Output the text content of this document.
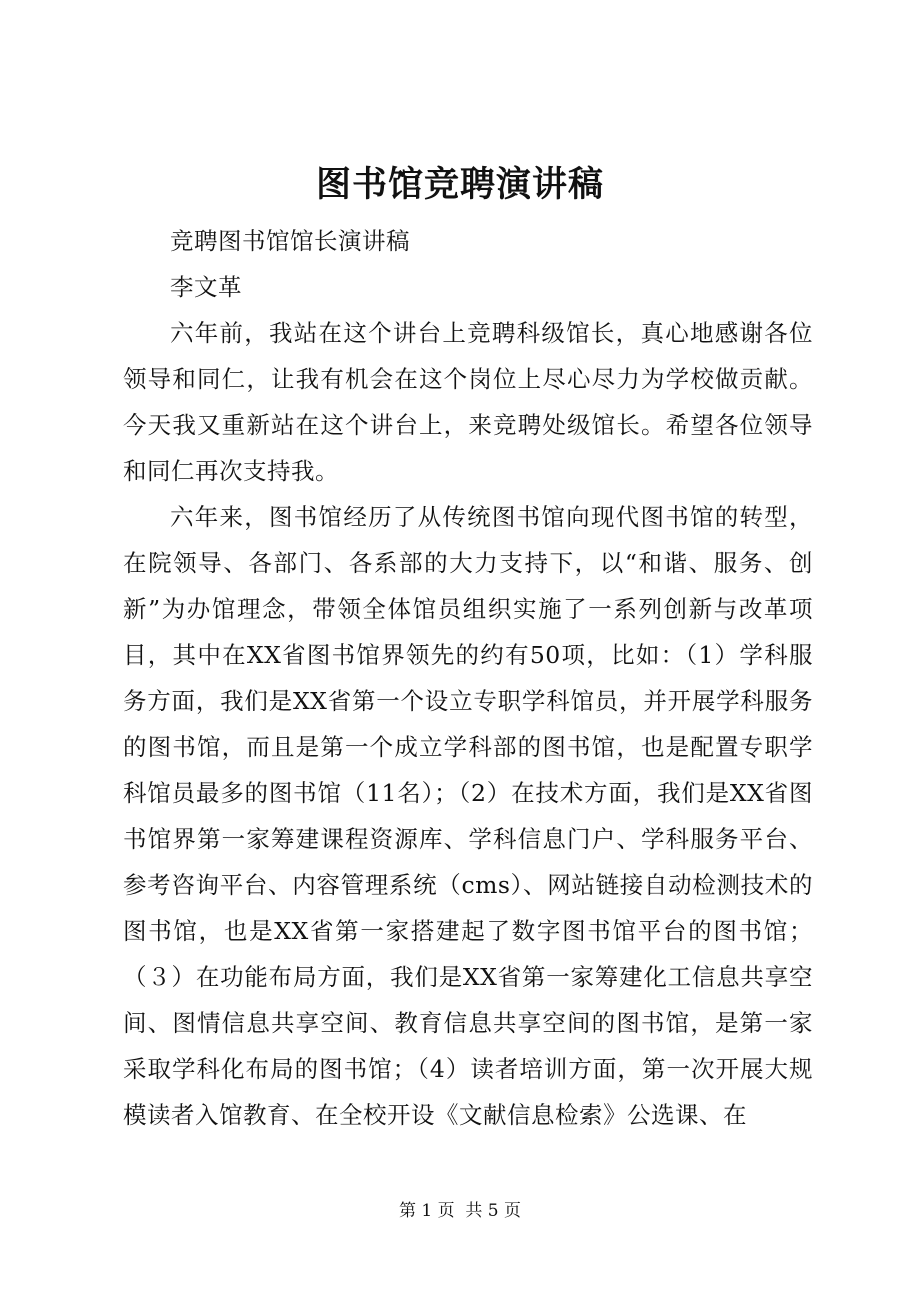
图书馆竞聘演讲稿

竞聘图书馆馆长演讲稿

李文革

六年前，我站在这个讲台上竞聘科级馆长，真心地感谢各位领导和同仁，让我有机会在这个岗位上尽心尽力为学校做贡献。今天我又重新站在这个讲台上，来竞聘处级馆长。希望各位领导和同仁再次支持我。

六年来，图书馆经历了从传统图书馆向现代图书馆的转型，在院领导、各部门、各系部的大力支持下，以“和谐、服务、创新”为办馆理念，带领全体馆员组织实施了一系列创新与改革项目，其中在XX省图书馆界领先的约有50项，比如：（1）学科服务方面，我们是XX省第一个设立专职学科馆员，并开展学科服务的图书馆，而且是第一个成立学科部的图书馆，也是配置专职学科馆员最多的图书馆（11名）；（2）在技术方面，我们是XX省图书馆界第一家筹建课程资源库、学科信息门户、学科服务平台、参考咨询平台、内容管理系统（cms）、网站链接自动检测技术的图书馆，也是XX省第一家搭建起了数字图书馆平台的图书馆；（３）在功能布局方面，我们是XX省第一家筹建化工信息共享空间、图情信息共享空间、教育信息共享空间的图书馆，是第一家采取学科化布局的图书馆；（4）读者培训方面，第一次开展大规模读者入馆教育、在全校开设《文献信息检索》公选课、在

第 1 页  共 5 页
